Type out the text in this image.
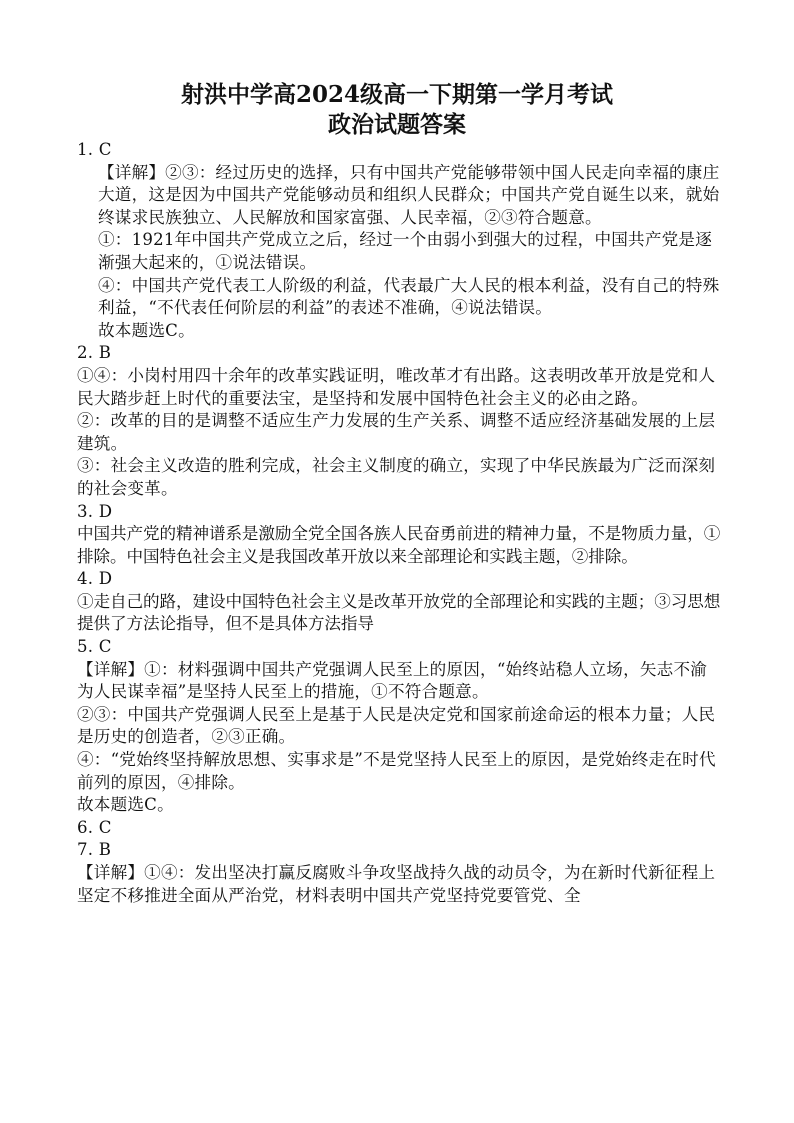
射洪中学高2024级高一下期第一学月考试
政治试题答案
1. C
【详解】②③：经过历史的选择，只有中国共产党能够带领中国人民走向幸福的康庄大道，这是因为中国共产党能够动员和组织人民群众；中国共产党自诞生以来，就始终谋求民族独立、人民解放和国家富强、人民幸福，②③符合题意。
①：1921年中国共产党成立之后，经过一个由弱小到强大的过程，中国共产党是逐渐强大起来的，①说法错误。
④：中国共产党代表工人阶级的利益，代表最广大人民的根本利益，没有自己的特殊利益，“不代表任何阶层的利益”的表述不准确，④说法错误。
故本题选C。
2. B
①④：小岗村用四十余年的改革实践证明，唯改革才有出路。这表明改革开放是党和人民大踏步赶上时代的重要法宝，是坚持和发展中国特色社会主义的必由之路。
②：改革的目的是调整不适应生产力发展的生产关系、调整不适应经济基础发展的上层建筑。
③：社会主义改造的胜利完成，社会主义制度的确立，实现了中华民族最为广泛而深刻的社会变革。
3. D
中国共产党的精神谱系是激励全党全国各族人民奋勇前进的精神力量，不是物质力量，①排除。中国特色社会主义是我国改革开放以来全部理论和实践主题，②排除。
4. D
①走自己的路，建设中国特色社会主义是改革开放党的全部理论和实践的主题；③习思想提供了方法论指导，但不是具体方法指导
5. C
【详解】①：材料强调中国共产党强调人民至上的原因，“始终站稳人立场，矢志不渝为人民谋幸福”是坚持人民至上的措施，①不符合题意。
②③：中国共产党强调人民至上是基于人民是决定党和国家前途命运的根本力量；人民是历史的创造者，②③正确。
④：“党始终坚持解放思想、实事求是”不是党坚持人民至上的原因，是党始终走在时代前列的原因，④排除。
故本题选C。
6. C
7. B
【详解】①④：发出坚决打赢反腐败斗争攻坚战持久战的动员令，为在新时代新征程上坚定不移推进全面从严治党，材料表明中国共产党坚持党要管党、全
